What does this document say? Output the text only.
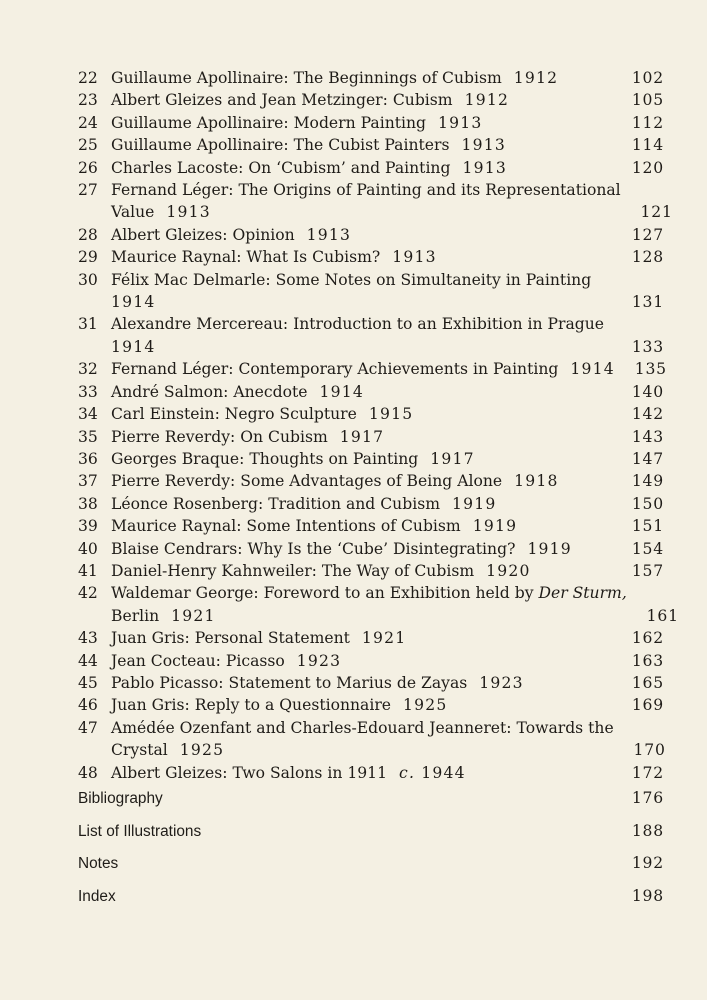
22 Guillaume Apollinaire: The Beginnings of Cubism 1912	102
23 Albert Gleizes and Jean Metzinger: Cubism 1912	105
24 Guillaume Apollinaire: Modern Painting 1913	112
25 Guillaume Apollinaire: The Cubist Painters 1913	114
26 Charles Lacoste: On ‘Cubism’ and Painting 1913	120
27 Fernand Léger: The Origins of Painting and its Representational
Value 1913	121
28 Albert Gleizes: Opinion 1913	127
29 Maurice Raynal: What Is Cubism? 1913	128
30 Félix Mac Delmarle: Some Notes on Simultaneity in Painting
1914	131
31 Alexandre Mercereau: Introduction to an Exhibition in Prague
1914	133
32 Fernand Léger: Contemporary Achievements in Painting 1914	135
33 André Salmon: Anecdote 1914	140
34 Carl Einstein: Negro Sculpture 1915	142
35 Pierre Reverdy: On Cubism 1917	143
36 Georges Braque: Thoughts on Painting 1917	147
37 Pierre Reverdy: Some Advantages of Being Alone 1918	149
38 Léonce Rosenberg: Tradition and Cubism 1919	150
39 Maurice Raynal: Some Intentions of Cubism 1919	151
40 Blaise Cendrars: Why Is the ‘Cube’ Disintegrating? 1919	154
41 Daniel-Henry Kahnweiler: The Way of Cubism 1920	157
42 Waldemar George: Foreword to an Exhibition held by Der Sturm,
Berlin 1921	161
43 Juan Gris: Personal Statement 1921	162
44 Jean Cocteau: Picasso 1923	163
45 Pablo Picasso: Statement to Marius de Zayas 1923	165
46 Juan Gris: Reply to a Questionnaire 1925	169
47 Amédée Ozenfant and Charles-Edouard Jeanneret: Towards the
Crystal 1925	170
48 Albert Gleizes: Two Salons in 1911 c. 1944	172
Bibliography	176
List of Illustrations	188
Notes	192
Index	198
